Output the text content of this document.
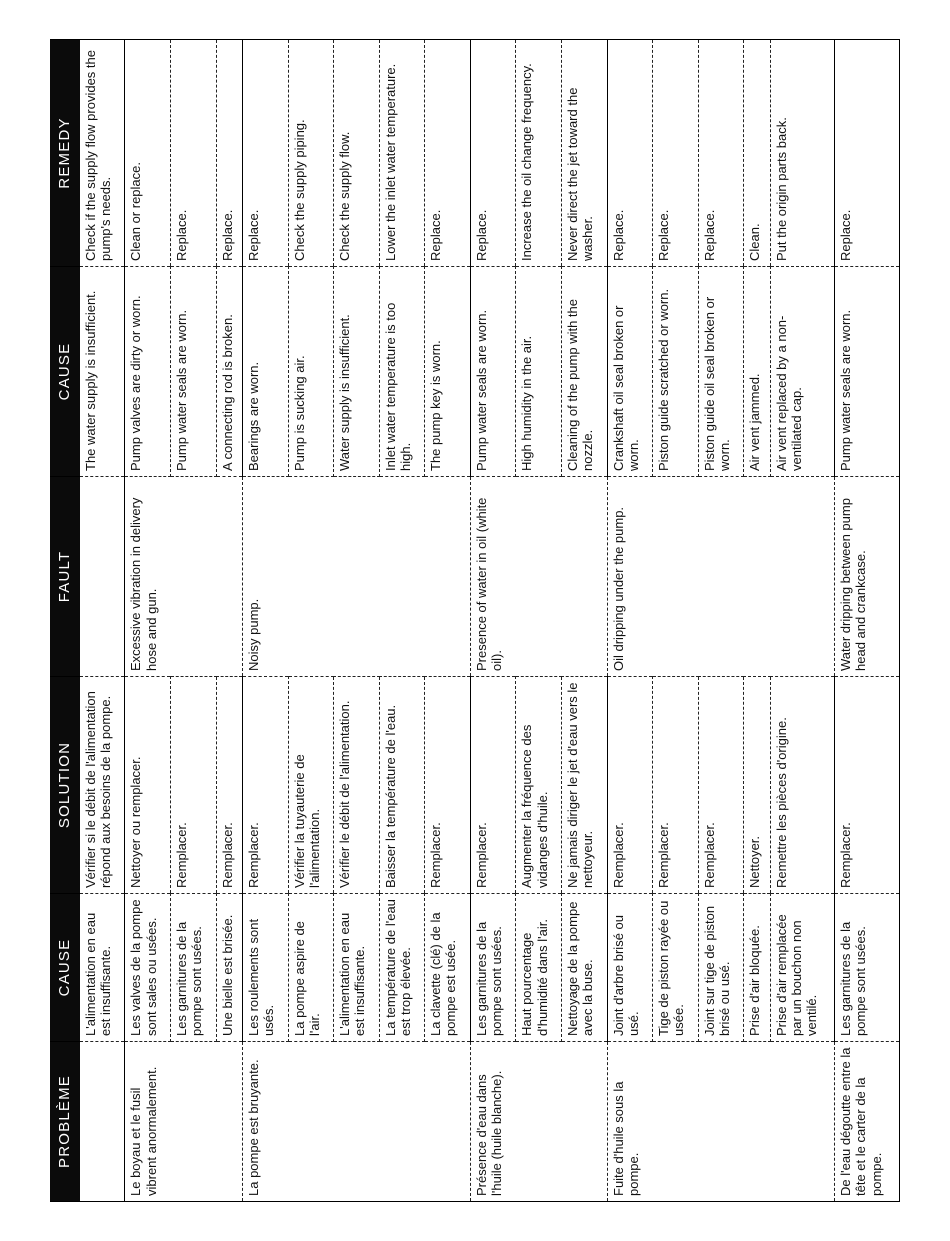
PROBLÈME	CAUSE	SOLUTION	FAULT	CAUSE	REMEDY

	L'alimentation en eau est insuffisante.	Vérifier si le débit de l'alimentation répond aux besoins de la pompe.		The water supply is insufficient.	Check if the supply flow provides the pump's needs.

Le boyau et le fusil vibrent anormalement.	Les valves de la pompe sont sales ou usées.	Nettoyer ou remplacer.	Excessive vibration in delivery hose and gun.	Pump valves are dirty or worn.	Clean or replace.

	Les garnitures de la pompe sont usées.	Remplacer.		Pump water seals are worn.	Replace.

	Une bielle est brisée.	Remplacer.		A connecting rod is broken.	Replace.

La pompe est bruyante.	Les roulements sont usés.	Remplacer.	Noisy pump.	Bearings are worn.	Replace.

	La pompe aspire de l'air.	Vérifier la tuyauterie de l'alimentation.		Pump is sucking air.	Check the supply piping.

	L'alimentation en eau est insuffisante.	Vérifier le débit de l'alimentation.		Water supply is insufficient.	Check the supply flow.

	La température de l'eau est trop élevée.	Baisser la température de l'eau.		Inlet water temperature is too high.	Lower the inlet water temperature.

	La clavette (clé) de la pompe est usée.	Remplacer.		The pump key is worn.	Replace.

Présence d'eau dans l'huile (huile blanche).	Les garnitures de la pompe sont usées.	Remplacer.	Presence of water in oil (white oil).	Pump water seals are worn.	Replace.

	Haut pourcentage d'humidité dans l'air.	Augmenter la fréquence des vidanges d'huile.		High humidity in the air.	Increase the oil change frequency.

	Nettoyage de la pompe avec la buse.	Ne jamais diriger le jet d'eau vers le nettoyeur.		Cleaning of the pump with the nozzle.	Never direct the jet toward the washer.

Fuite d'huile sous la pompe.	Joint d'arbre brisé ou usé.	Remplacer.	Oil dripping under the pump.	Crankshaft oil seal broken or worn.	Replace.

	Tige de piston rayée ou usée.	Remplacer.		Piston guide scratched or worn.	Replace.

	Joint sur tige de piston brisé ou usé.	Remplacer.		Piston guide oil seal broken or worn.	Replace.

	Prise d'air bloquée.	Nettoyer.		Air vent jammed.	Clean.

	Prise d'air remplacée par un bouchon non ventilé.	Remettre les pièces d'origine.		Air vent replaced by a non-ventilated cap.	Put the origin parts back.

De l'eau dégoutte entre la tête et le carter de la pompe.	Les garnitures de la pompe sont usées.	Remplacer.	Water dripping between pump head and crankcase.	Pump water seals are worn.	Replace.
